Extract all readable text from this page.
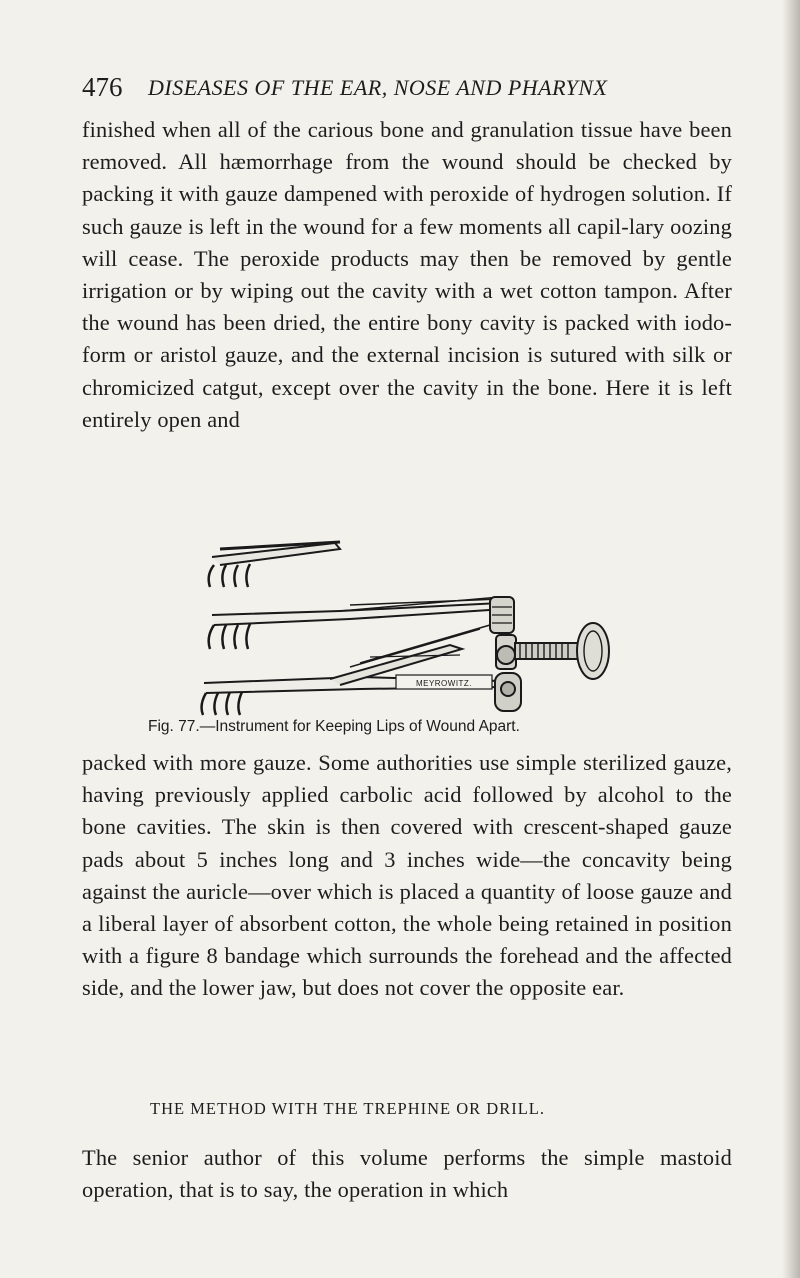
476 DISEASES OF THE EAR, NOSE AND PHARYNX

finished when all of the carious bone and granulation tissue have been removed. All hæmorrhage from the wound should be checked by packing it with gauze dampened with peroxide of hydrogen solution. If such gauze is left in the wound for a few moments all capil-lary oozing will cease. The peroxide products may then be removed by gentle irrigation or by wiping out the cavity with a wet cotton tampon. After the wound has been dried, the entire bony cavity is packed with iodo-form or aristol gauze, and the external incision is sutured with silk or chromicized catgut, except over the cavity in the bone. Here it is left entirely open and

MEYROWITZ.
Fig. 77.—Instrument for Keeping Lips of Wound Apart.

packed with more gauze. Some authorities use simple sterilized gauze, having previously applied carbolic acid followed by alcohol to the bone cavities. The skin is then covered with crescent-shaped gauze pads about 5 inches long and 3 inches wide—the concavity being against the auricle—over which is placed a quantity of loose gauze and a liberal layer of absorbent cotton, the whole being retained in position with a figure 8 bandage which surrounds the forehead and the affected side, and the lower jaw, but does not cover the opposite ear.

THE METHOD WITH THE TREPHINE OR DRILL.

The senior author of this volume performs the simple mastoid operation, that is to say, the operation in which
